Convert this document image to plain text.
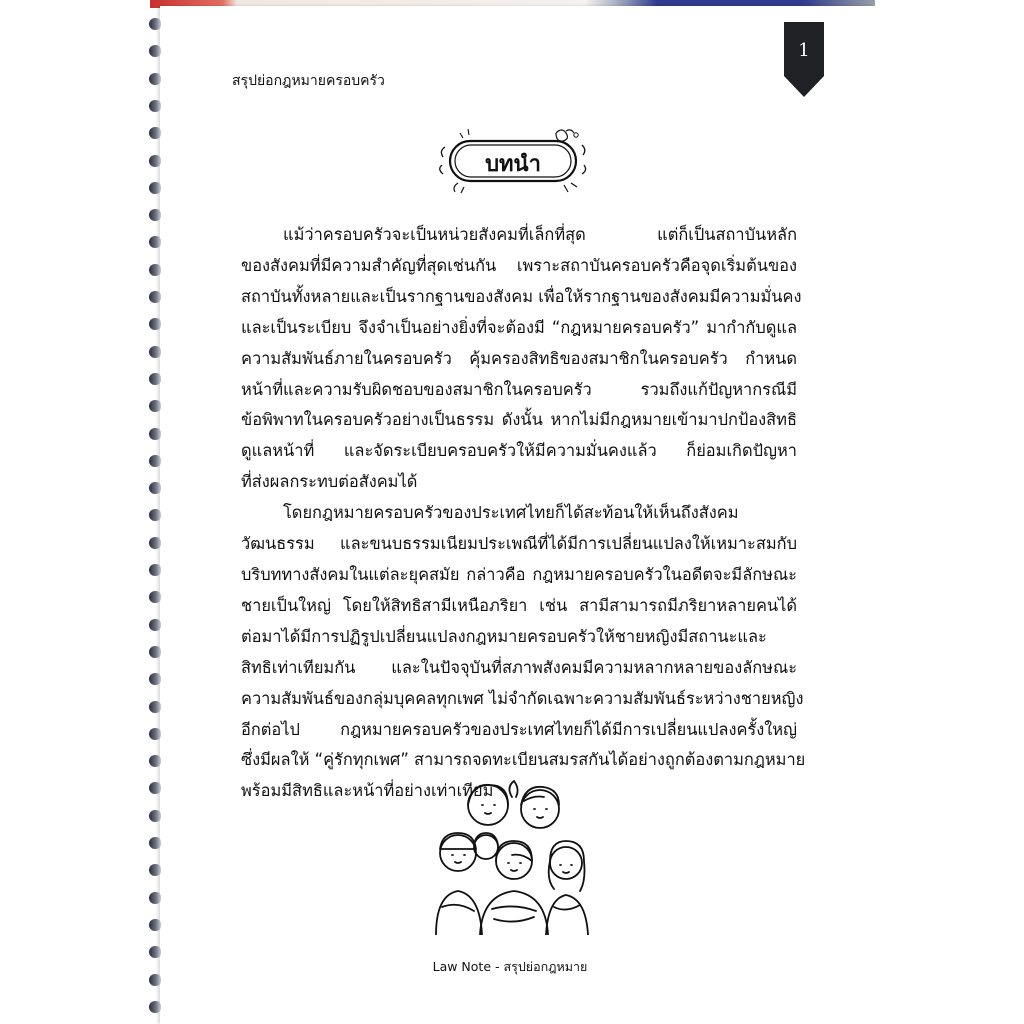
1
สรุปย่อกฎหมายครอบครัว
บทนำ

แม้ว่าครอบครัวจะเป็นหน่วยสังคมที่เล็กที่สุด แต่ก็เป็นสถาบันหลัก
ของสังคมที่มีความสำคัญที่สุดเช่นกัน เพราะสถาบันครอบครัวคือจุดเริ่มต้นของ
สถาบันทั้งหลายและเป็นรากฐานของสังคม เพื่อให้รากฐานของสังคมมีความมั่นคง
และเป็นระเบียบ จึงจำเป็นอย่างยิ่งที่จะต้องมี “กฎหมายครอบครัว” มากำกับดูแล
ความสัมพันธ์ภายในครอบครัว คุ้มครองสิทธิของสมาชิกในครอบครัว กำหนด
หน้าที่และความรับผิดชอบของสมาชิกในครอบครัว รวมถึงแก้ปัญหากรณีมี
ข้อพิพาทในครอบครัวอย่างเป็นธรรม ดังนั้น หากไม่มีกฎหมายเข้ามาปกป้องสิทธิ
ดูแลหน้าที่ และจัดระเบียบครอบครัวให้มีความมั่นคงแล้ว ก็ย่อมเกิดปัญหา
ที่ส่งผลกระทบต่อสังคมได้

โดยกฎหมายครอบครัวของประเทศไทยก็ได้สะท้อนให้เห็นถึงสังคม
วัฒนธรรม และขนบธรรมเนียมประเพณีที่ได้มีการเปลี่ยนแปลงให้เหมาะสมกับ
บริบททางสังคมในแต่ละยุคสมัย กล่าวคือ กฎหมายครอบครัวในอดีตจะมีลักษณะ
ชายเป็นใหญ่ โดยให้สิทธิสามีเหนือภริยา เช่น สามีสามารถมีภริยาหลายคนได้
ต่อมาได้มีการปฏิรูปเปลี่ยนแปลงกฎหมายครอบครัวให้ชายหญิงมีสถานะและ
สิทธิเท่าเทียมกัน และในปัจจุบันที่สภาพสังคมมีความหลากหลายของลักษณะ
ความสัมพันธ์ของกลุ่มบุคคลทุกเพศ ไม่จำกัดเฉพาะความสัมพันธ์ระหว่างชายหญิง
อีกต่อไป กฎหมายครอบครัวของประเทศไทยก็ได้มีการเปลี่ยนแปลงครั้งใหญ่
ซึ่งมีผลให้ “คู่รักทุกเพศ” สามารถจดทะเบียนสมรสกันได้อย่างถูกต้องตามกฎหมาย
พร้อมมีสิทธิและหน้าที่อย่างเท่าเทียม

Law Note - สรุปย่อกฎหมาย
